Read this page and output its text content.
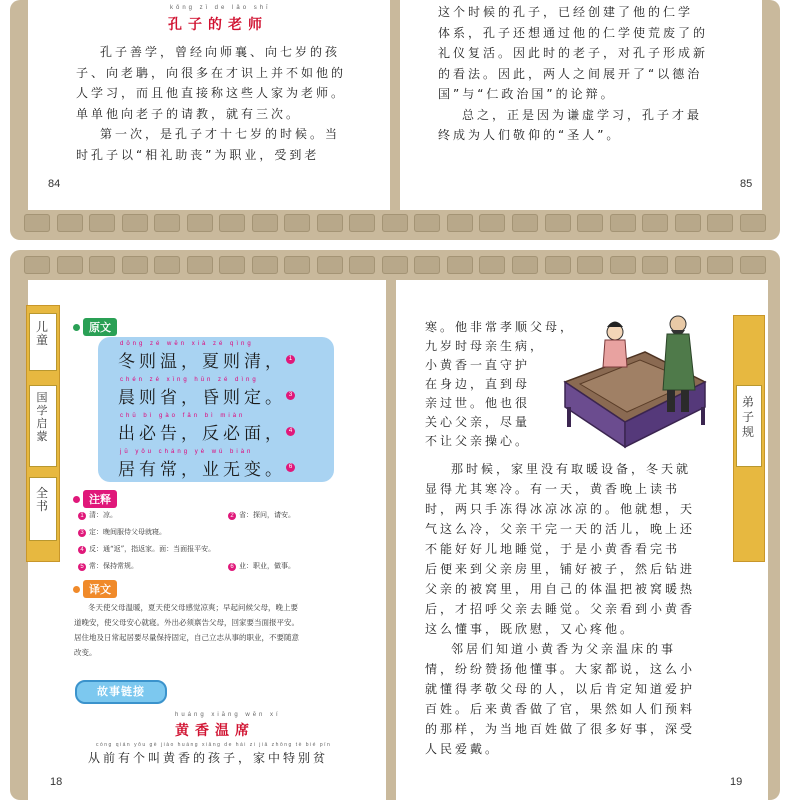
kǒng zǐ de lǎo shī
孔子的老师

孔子善学，曾经向师襄、向七岁的孩

子、向老聃，向很多在才识上并不如他的

人学习，而且他直接称这些人家为老师。

单单他向老子的请教，就有三次。

第一次，是孔子才十七岁的时候。当

时孔子以“相礼助丧”为职业，受到老

84

这个时候的孔子，已经创建了他的仁学

体系，孔子还想通过他的仁学使荒废了的

礼仪复活。因此时的老子，对孔子形成新

的看法。因此，两人之间展开了“以德治

国”与“仁政治国”的论辩。

总之，正是因为谦虚学习，孔子才最

终成为人们敬仰的“圣人”。

85
儿童
国学启蒙
全书
原文
dōng zé wēn xià zé qìng
冬则温，夏则清， 1
chén zé xǐng hūn zé dìng
晨则省，昏则定。 3
chū bì gào fǎn bì miàn
出必告，反必面， 4
jū yǒu cháng yè wú biàn
居有常，业无变。 6
注释
1 清：凉。	2 省：探问，请安。
3 定：晚间服侍父母就寝。
4 反：通“返”，指返家。面：当面报平安。
5 常：保持常规。	6 业：职业，做事。
译文

冬天使父母温暖，夏天使父母感觉凉爽；早起问候父母，晚上要

道晚安，使父母安心就寝。外出必须禀告父母，回家要当面报平安。

居住地及日常起居要尽量保持固定，自己立志从事的职业，不要随意

改变。

故事链接
huáng xiāng wēn xí
黄香温席
cóng qián yǒu gè jiào huáng xiāng de hái zi jiā zhōng tè bié pín

从前有个叫黄香的孩子，家中特别贫

18

寒。他非常孝顺父母，

九岁时母亲生病，

小黄香一直守护

在身边，直到母

亲过世。他也很

关心父亲，尽量

不让父亲操心。

那时候，家里没有取暖设备，冬天就

显得尤其寒冷。有一天，黄香晚上读书

时，两只手冻得冰凉冰凉的。他就想，天

气这么冷，父亲干完一天的活儿，晚上还

不能好好儿地睡觉，于是小黄香看完书

后便来到父亲房里，铺好被子，然后钻进

父亲的被窝里，用自己的体温把被窝暖热

后，才招呼父亲去睡觉。父亲看到小黄香

这么懂事，既欣慰，又心疼他。

邻居们知道小黄香为父亲温床的事

情，纷纷赞扬他懂事。大家都说，这么小

就懂得孝敬父母的人，以后肯定知道爱护

百姓。后来黄香做了官，果然如人们预料

的那样，为当地百姓做了很多好事，深受

人民爱戴。

弟子规
19
